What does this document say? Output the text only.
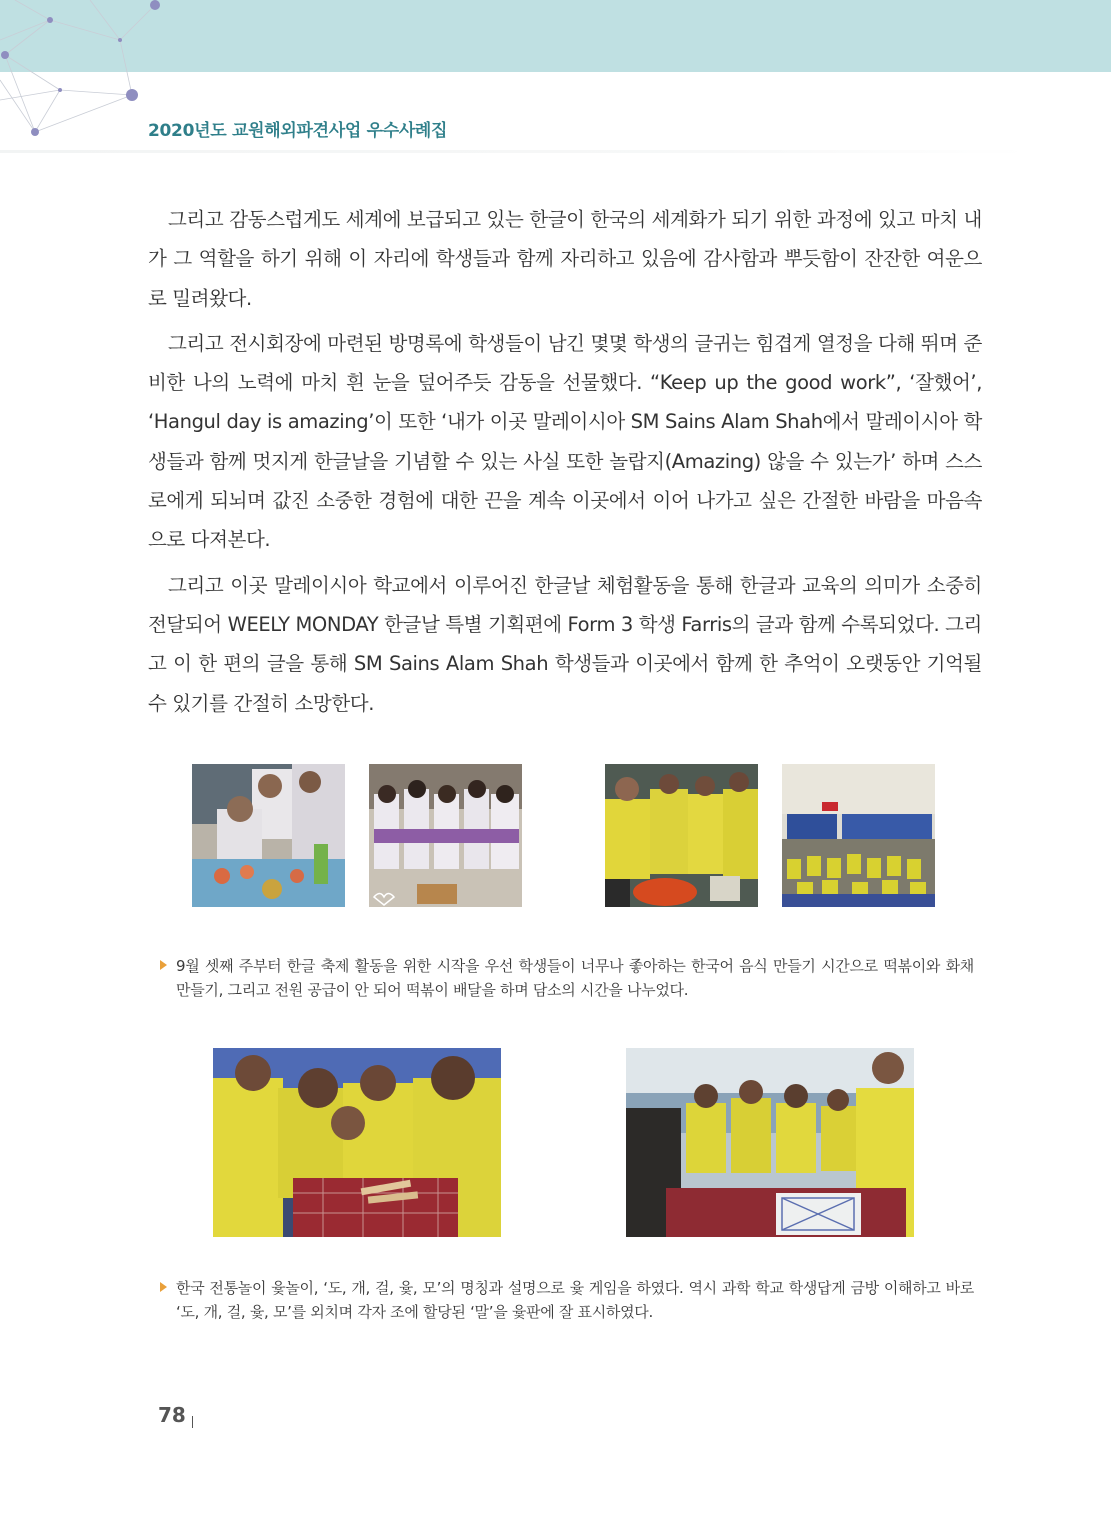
2020년도 교원해외파견사업 우수사례집

그리고 감동스럽게도 세계에 보급되고 있는 한글이 한국의 세계화가 되기 위한 과정에 있고 마치 내가 그 역할을 하기 위해 이 자리에 학생들과 함께 자리하고 있음에 감사함과 뿌듯함이 잔잔한 여운으로 밀려왔다.

그리고 전시회장에 마련된 방명록에 학생들이 남긴 몇몇 학생의 글귀는 힘겹게 열정을 다해 뛰며 준비한 나의 노력에 마치 흰 눈을 덮어주듯 감동을 선물했다. “Keep up the good work”, ‘잘했어’, ‘Hangul day is amazing’이 또한 ‘내가 이곳 말레이시아 SM Sains Alam Shah에서 말레이시아 학생들과 함께 멋지게 한글날을 기념할 수 있는 사실 또한 놀랍지(Amazing) 않을 수 있는가’ 하며 스스로에게 되뇌며 값진 소중한 경험에 대한 끈을 계속 이곳에서 이어 나가고 싶은 간절한 바람을 마음속으로 다져본다.

그리고 이곳 말레이시아 학교에서 이루어진 한글날 체험활동을 통해 한글과 교육의 의미가 소중히 전달되어 WEELY MONDAY 한글날 특별 기획편에 Form 3 학생 Farris의 글과 함께 수록되었다. 그리고 이 한 편의 글을 통해 SM Sains Alam Shah 학생들과 이곳에서 함께 한 추억이 오랫동안 기억될 수 있기를 간절히 소망한다.

9월 셋째 주부터 한글 축제 활동을 위한 시작을 우선 학생들이 너무나 좋아하는 한국어 음식 만들기 시간으로 떡볶이와 화채 만들기, 그리고 전원 공급이 안 되어 떡볶이 배달을 하며 담소의 시간을 나누었다.
한국 전통놀이 윷놀이, ‘도, 개, 걸, 윷, 모’의 명칭과 설명으로 윷 게임을 하였다. 역시 과학 학교 학생답게 금방 이해하고 바로 ‘도, 개, 걸, 윷, 모’를 외치며 각자 조에 할당된 ‘말’을 윷판에 잘 표시하였다.
78
